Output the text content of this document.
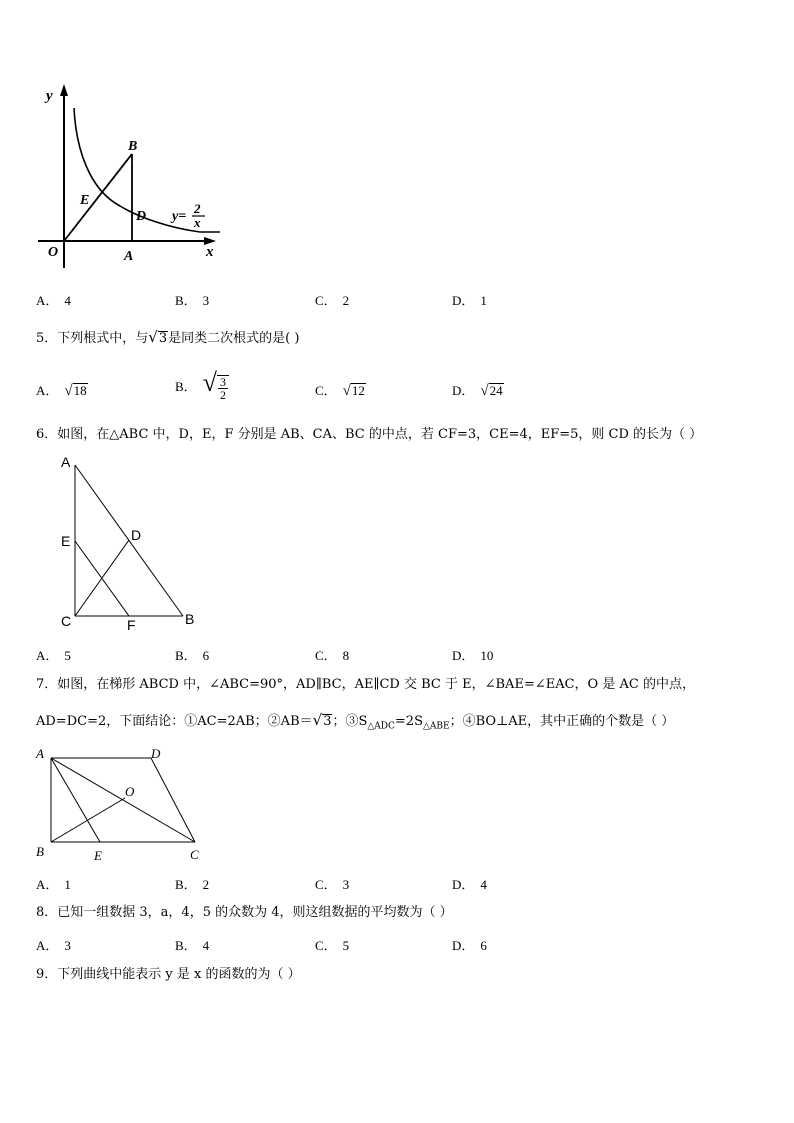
y
x
O	A
B
D
E
y=
2
x
A． 4	B． 3	C． 2	D． 1
5．下列根式中，与√3是同类二次根式的是( )
A． √18	B． √ $\frac{3}{2}$	C． √12	D． √24
6．如图，在△ABC 中，D，E，F 分别是 AB、CA、BC 的中点，若 CF=3，CE=4，EF=5，则 CD 的长为（ ）
A
B
C
D
E
F
A． 5	B． 6	C． 8	D． 10
7．如图，在梯形 ABCD 中，∠ABC=90°，AD∥BC，AE∥CD 交 BC 于 E，∠BAE=∠EAC，O 是 AC 的中点，
AD=DC=2，下面结论：①AC=2AB；②AB＝√3；$③S_{\triangle ADC}=2S_{\triangle ABE}$；④BO⊥AE，其中正确的个数是（ ）
A	D
B	C
E
O
A． 1	B． 2	C． 3	D． 4
8．已知一组数据 3，a，4，5 的众数为 4，则这组数据的平均数为（ ）
A． 3	B． 4	C． 5	D． 6
9．下列曲线中能表示 y 是 x 的函数的为（ ）
